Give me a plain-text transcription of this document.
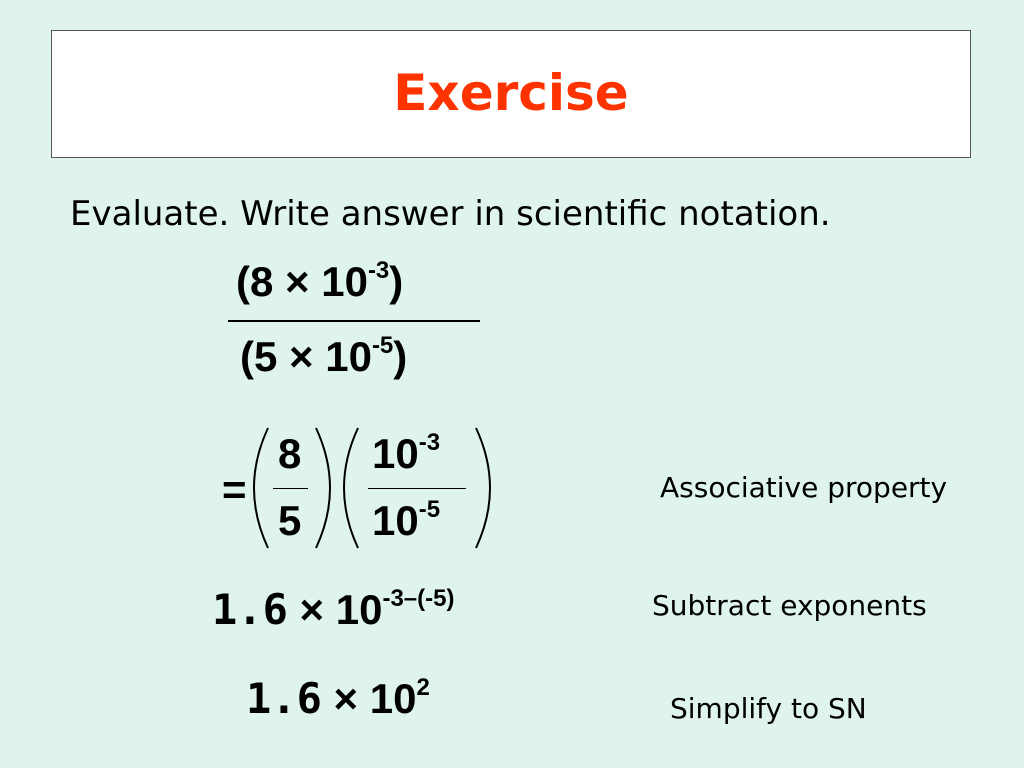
Exercise
Evaluate. Write answer in scientific notation.
$(8 \times 10^{-3})$
$(5 \times 10^{-5})$
=
8
5
$10^{-3}$
$10^{-5}$
Associative property
$1.6 \times 10^{-3-(-5)}$	Subtract exponents
$1.6 \times 10^2$
Simplify to SN
